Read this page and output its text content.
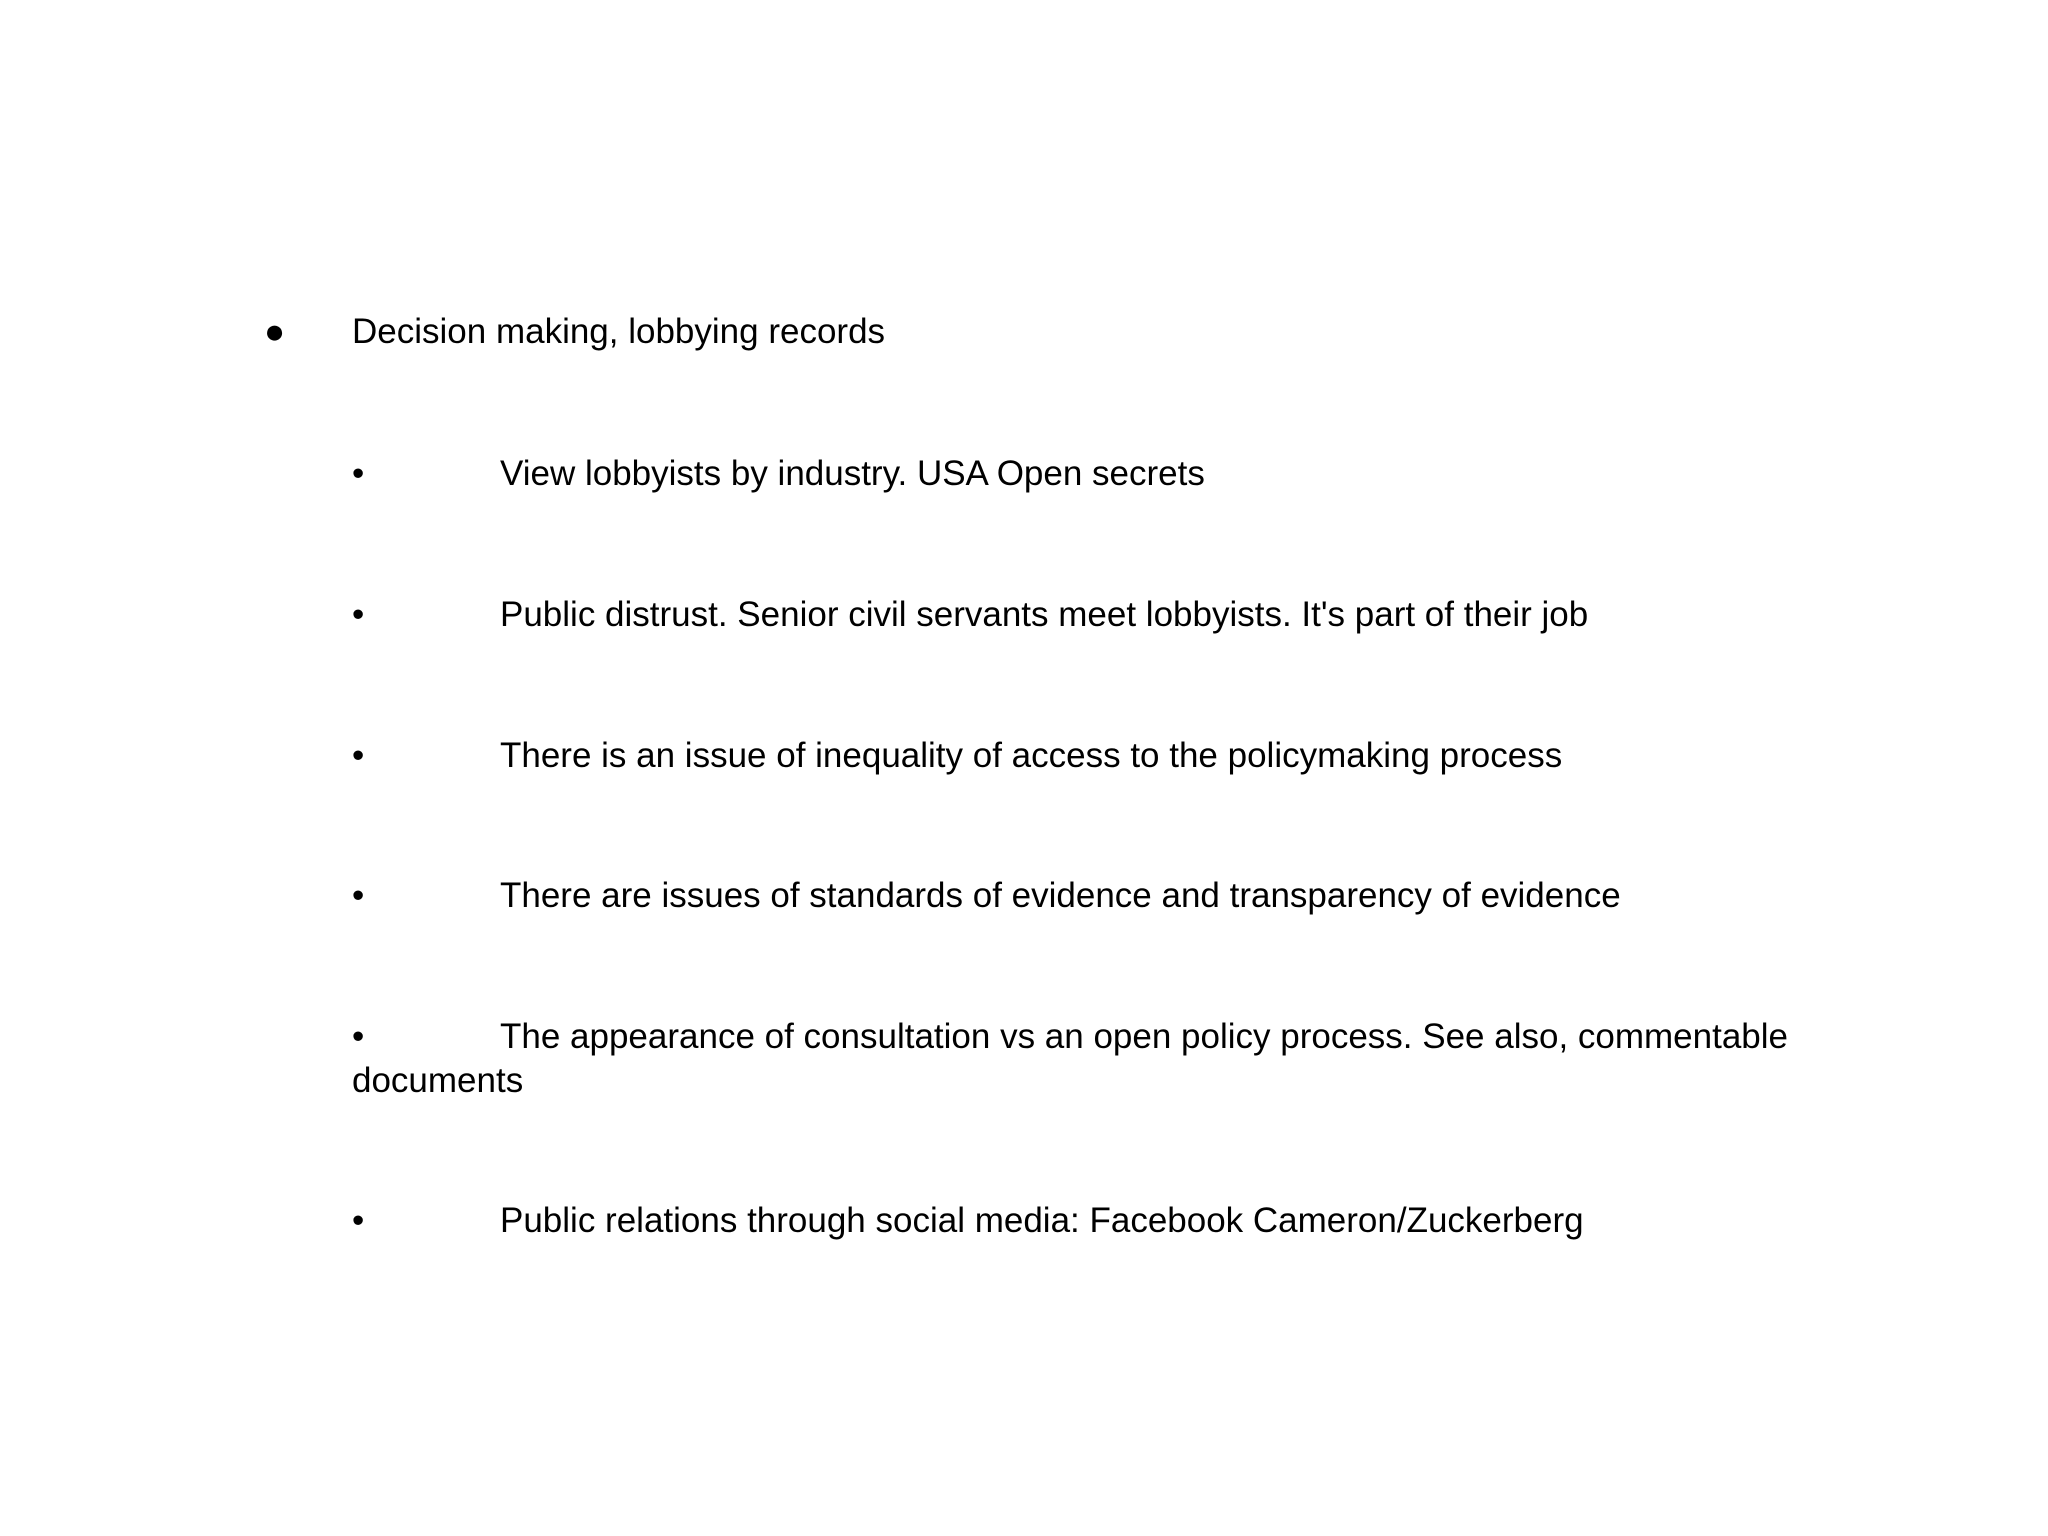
● Decision making, lobbying records
•	View lobbyists by industry. USA Open secrets

•	Public distrust. Senior civil servants meet lobbyists. It's part of their job

•	There is an issue of inequality of access to the policymaking process

•	There are issues of standards of evidence and transparency of evidence

•	The appearance of consultation vs an open policy process. See also, commentable documents

•	Public relations through social media: Facebook Cameron/Zuckerberg
